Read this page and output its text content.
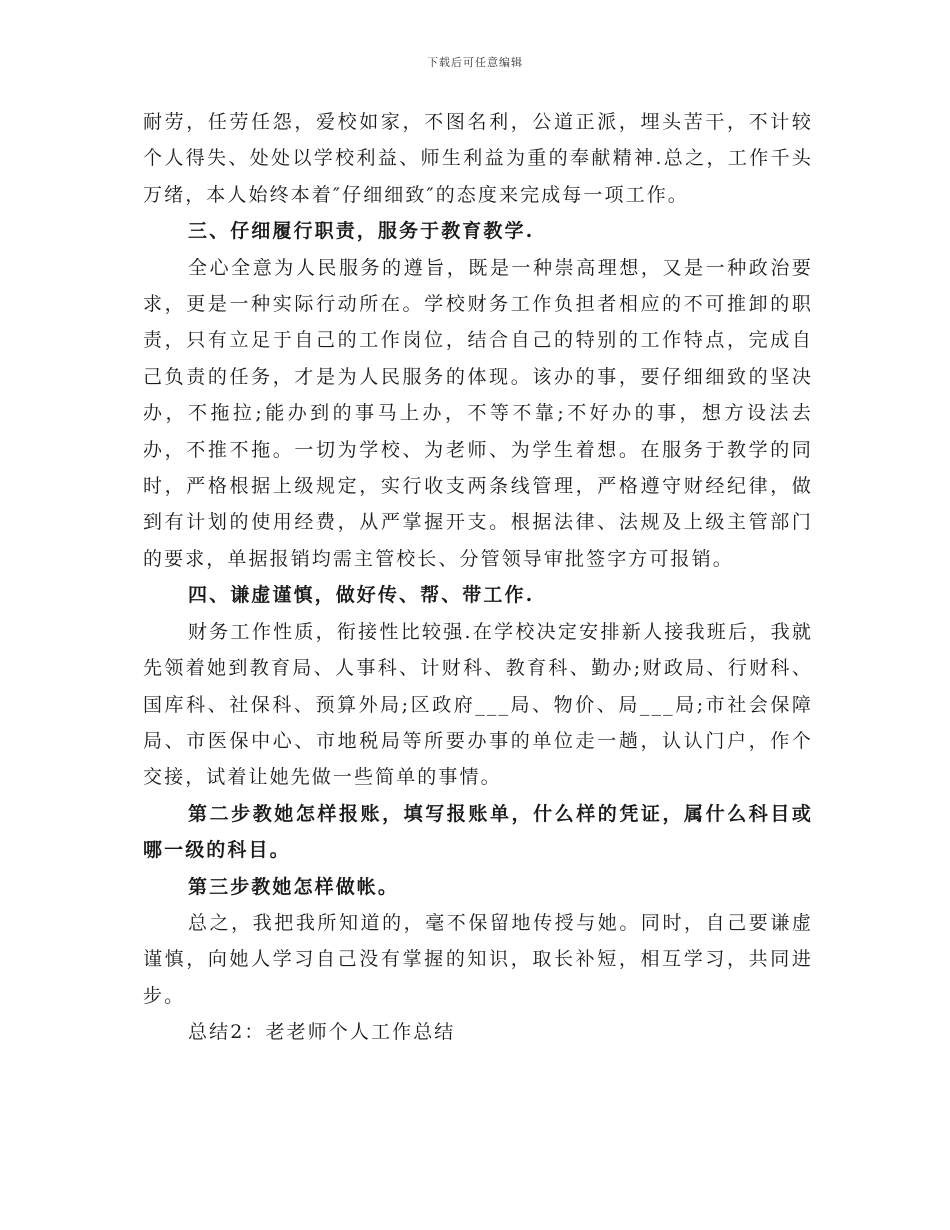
下载后可任意编辑

耐劳，任劳任怨，爱校如家，不图名利，公道正派，埋头苦干，不计较个人得失、处处以学校利益、师生利益为重的奉献精神.总之，工作千头万绪，本人始终本着″仔细细致″的态度来完成每一项工作。

三、仔细履行职责，服务于教育教学.

全心全意为人民服务的遵旨，既是一种崇高理想，又是一种政治要求，更是一种实际行动所在。学校财务工作负担者相应的不可推卸的职责，只有立足于自己的工作岗位，结合自己的特别的工作特点，完成自己负责的任务，才是为人民服务的体现。该办的事，要仔细细致的坚决办，不拖拉;能办到的事马上办，不等不靠;不好办的事，想方设法去办，不推不拖。一切为学校、为老师、为学生着想。在服务于教学的同时，严格根据上级规定，实行收支两条线管理，严格遵守财经纪律，做到有计划的使用经费，从严掌握开支。根据法律、法规及上级主管部门的要求，单据报销均需主管校长、分管领导审批签字方可报销。

四、谦虚谨慎，做好传、帮、带工作.

财务工作性质，衔接性比较强.在学校决定安排新人接我班后，我就先领着她到教育局、人事科、计财科、教育科、勤办;财政局、行财科、国库科、社保科、预算外局;区政府___局、物价、局___局;市社会保障局、市医保中心、市地税局等所要办事的单位走一趟，认认门户，作个交接，试着让她先做一些简单的事情。

第二步教她怎样报账，填写报账单，什么样的凭证，属什么科目或哪一级的科目。

第三步教她怎样做帐。

总之，我把我所知道的，毫不保留地传授与她。同时，自己要谦虚谨慎，向她人学习自己没有掌握的知识，取长补短，相互学习，共同进步。

总结2：老老师个人工作总结
